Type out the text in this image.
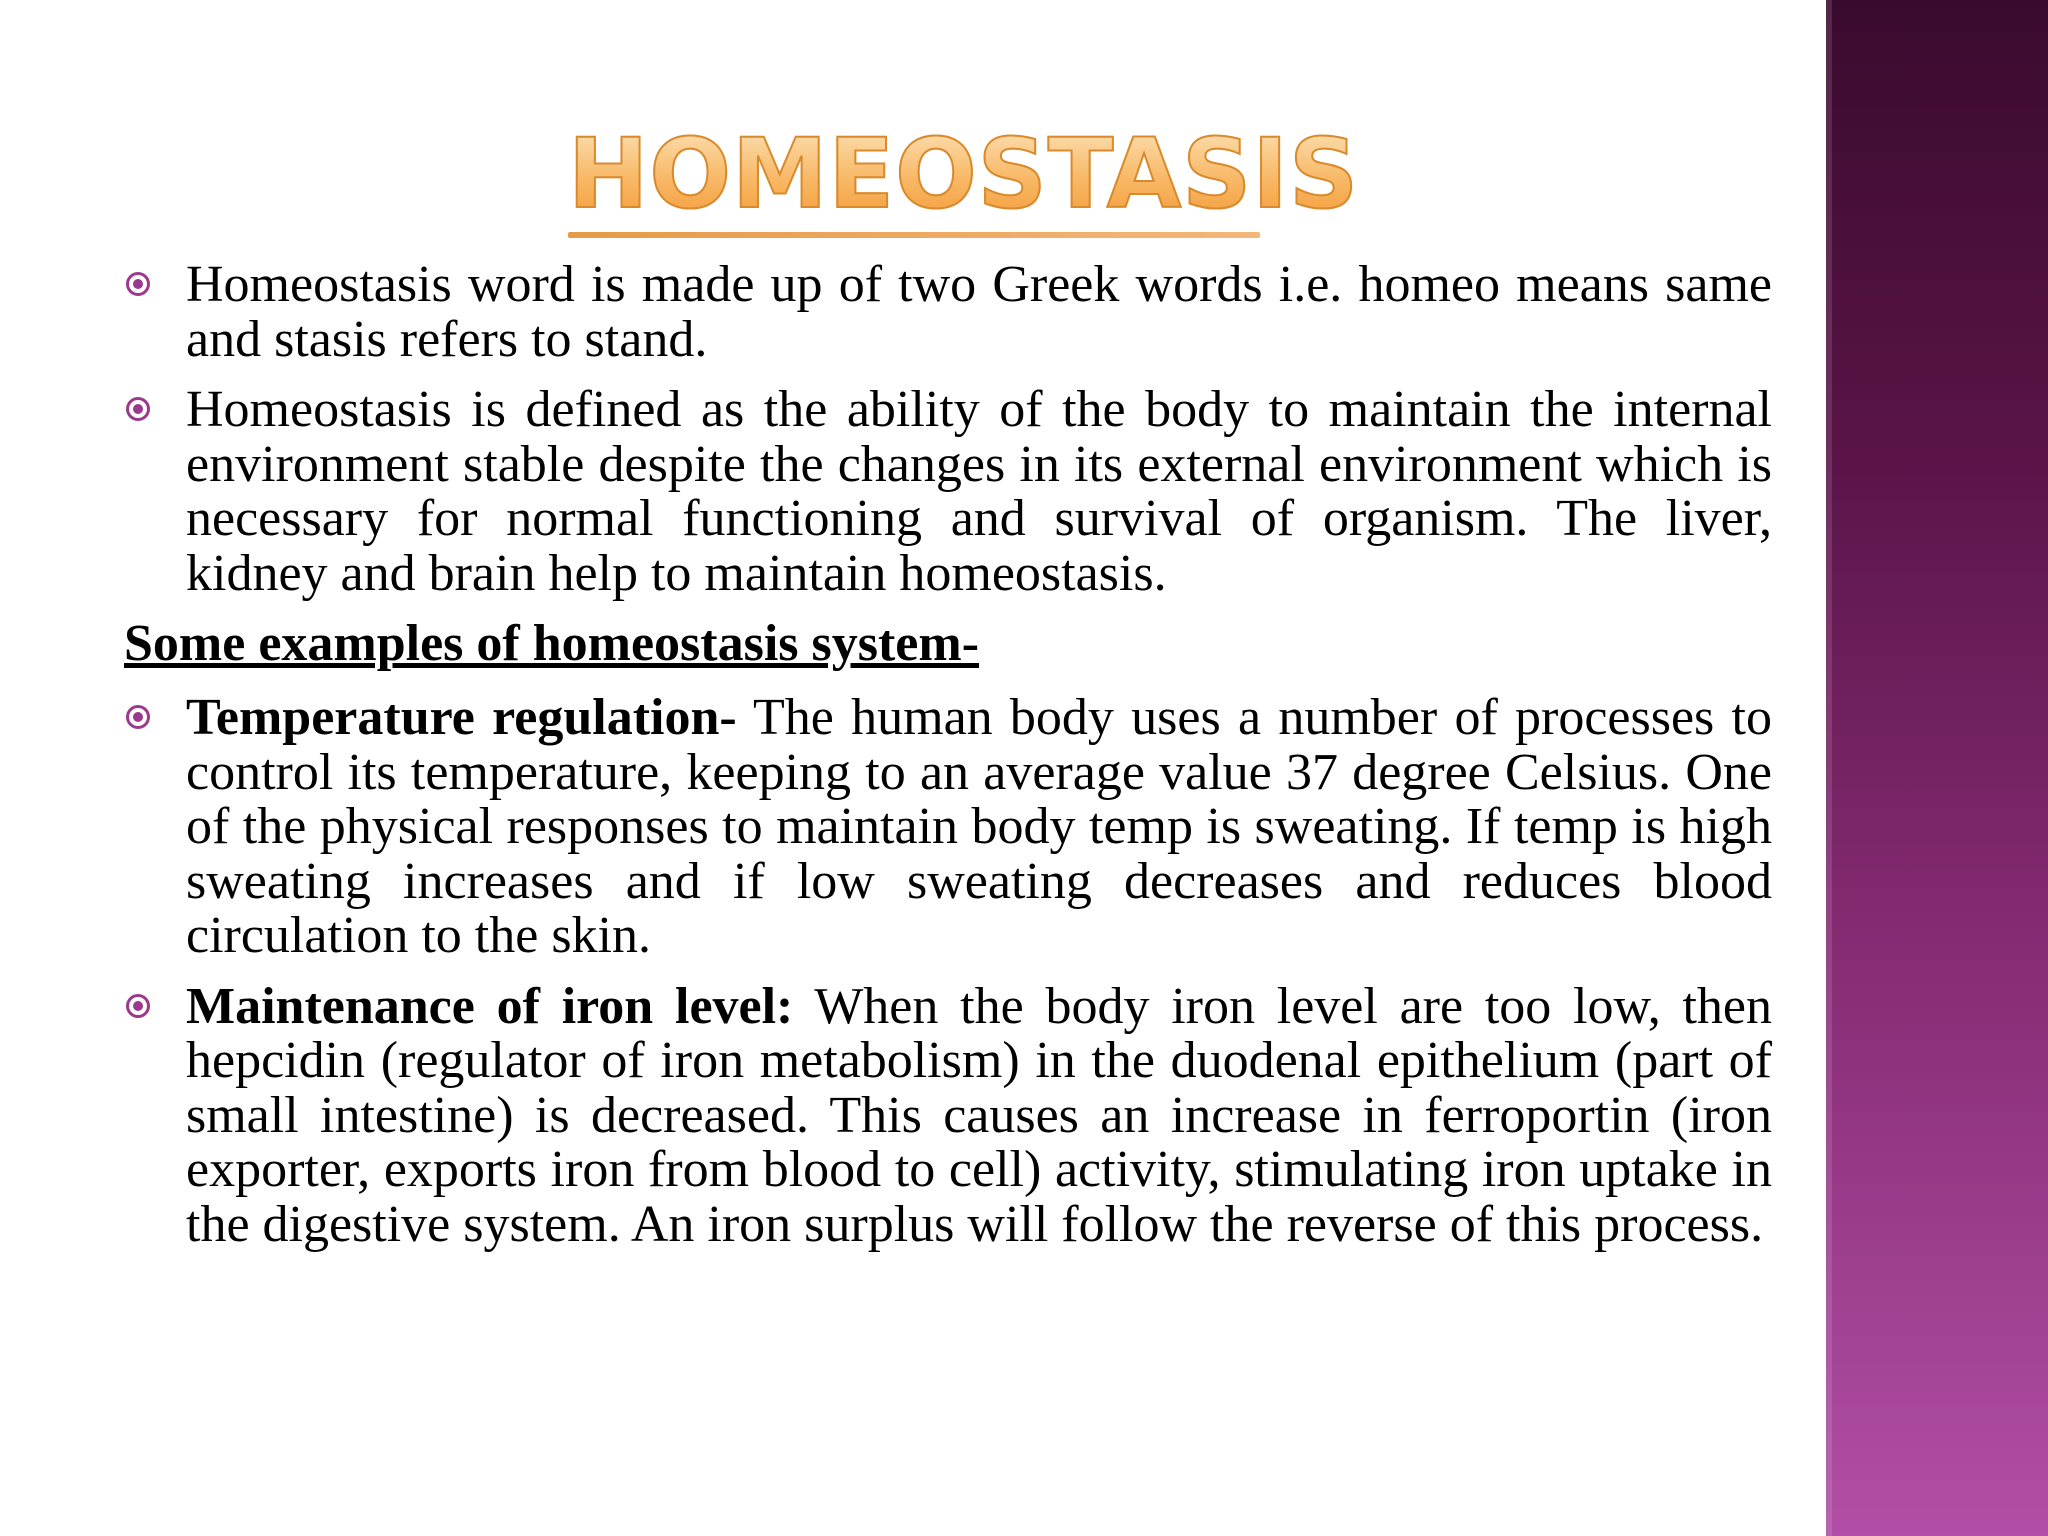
HOMEOSTASIS
Homeostasis word is made up of two Greek words i.e. homeo means same and stasis refers to stand.
Homeostasis is defined as the ability of the body to maintain the internal environment stable despite the changes in its external environment which is necessary for normal functioning and survival of organism. The liver, kidney and brain help to maintain homeostasis.
Some examples of homeostasis system-
Temperature regulation- The human body uses a number of processes to control its temperature, keeping to an average value 37 degree Celsius. One of the physical responses to maintain body temp is sweating. If temp is high sweating increases and if low sweating decreases and reduces blood circulation to the skin.
Maintenance of iron level: When the body iron level are too low, then hepcidin (regulator of iron metabolism) in the duodenal epithelium (part of small intestine) is decreased. This causes an increase in ferroportin (iron exporter, exports iron from blood to cell) activity, stimulating iron uptake in the digestive system. An iron surplus will follow the reverse of this process.
